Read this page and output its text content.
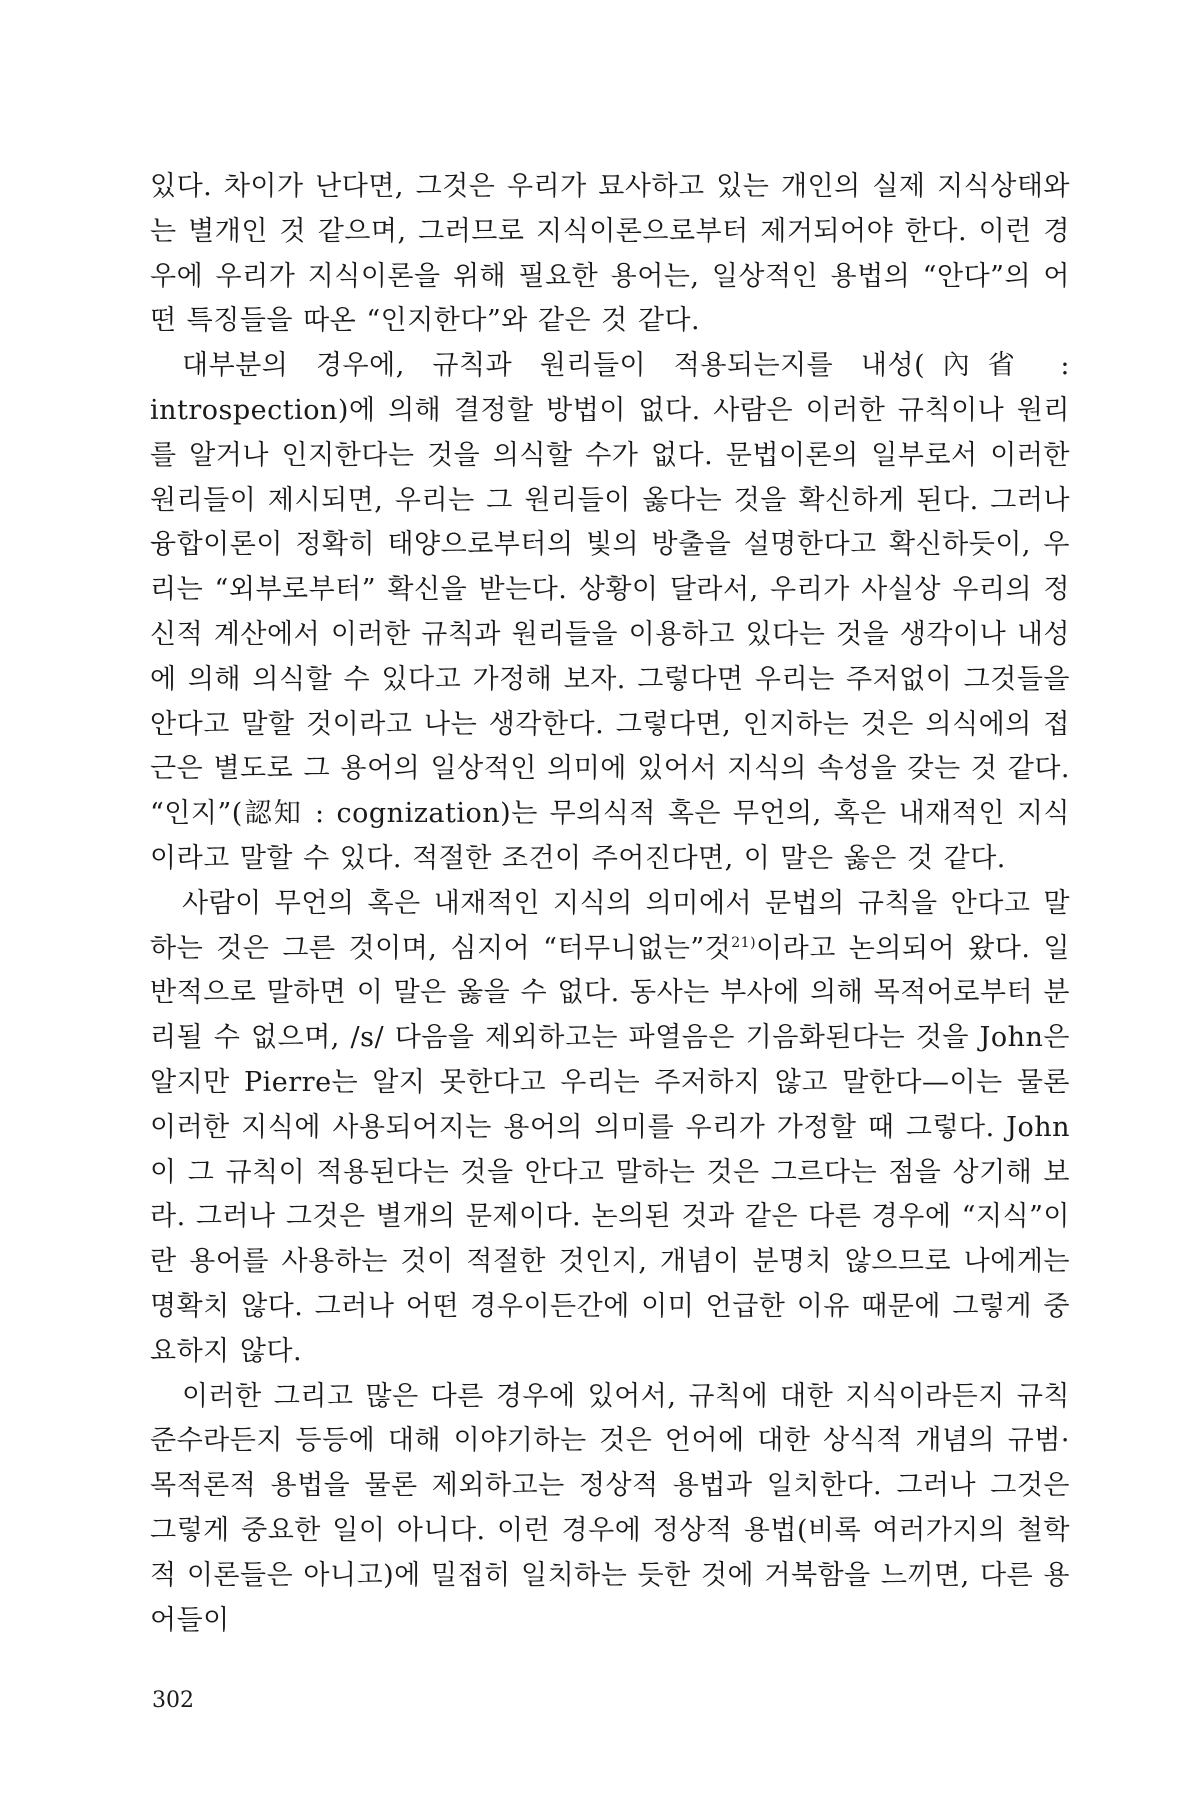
있다. 차이가 난다면, 그것은 우리가 묘사하고 있는 개인의 실제 지식상태와는 별개인 것 같으며, 그러므로 지식이론으로부터 제거되어야 한다. 이런 경우에 우리가 지식이론을 위해 필요한 용어는, 일상적인 용법의 “안다”의 어떤 특징들을 따온 “인지한다”와 같은 것 같다.

대부분의 경우에, 규칙과 원리들이 적용되는지를 내성(內省 : introspection)에 의해 결정할 방법이 없다. 사람은 이러한 규칙이나 원리를 알거나 인지한다는 것을 의식할 수가 없다. 문법이론의 일부로서 이러한 원리들이 제시되면, 우리는 그 원리들이 옳다는 것을 확신하게 된다. 그러나 융합이론이 정확히 태양으로부터의 빛의 방출을 설명한다고 확신하듯이, 우리는 “외부로부터” 확신을 받는다. 상황이 달라서, 우리가 사실상 우리의 정신적 계산에서 이러한 규칙과 원리들을 이용하고 있다는 것을 생각이나 내성에 의해 의식할 수 있다고 가정해 보자. 그렇다면 우리는 주저없이 그것들을 안다고 말할 것이라고 나는 생각한다. 그렇다면, 인지하는 것은 의식에의 접근은 별도로 그 용어의 일상적인 의미에 있어서 지식의 속성을 갖는 것 같다. “인지”(認知 : cognization)는 무의식적 혹은 무언의, 혹은 내재적인 지식이라고 말할 수 있다. 적절한 조건이 주어진다면, 이 말은 옳은 것 같다.

사람이 무언의 혹은 내재적인 지식의 의미에서 문법의 규칙을 안다고 말하는 것은 그른 것이며, 심지어 “터무니없는”것$^{21)}$이라고 논의되어 왔다. 일반적으로 말하면 이 말은 옳을 수 없다. 동사는 부사에 의해 목적어로부터 분리될 수 없으며, /s/ 다음을 제외하고는 파열음은 기음화된다는 것을 John은 알지만 Pierre는 알지 못한다고 우리는 주저하지 않고 말한다—이는 물론 이러한 지식에 사용되어지는 용어의 의미를 우리가 가정할 때 그렇다. John이 그 규칙이 적용된다는 것을 안다고 말하는 것은 그르다는 점을 상기해 보라. 그러나 그것은 별개의 문제이다. 논의된 것과 같은 다른 경우에 “지식”이란 용어를 사용하는 것이 적절한 것인지, 개념이 분명치 않으므로 나에게는 명확치 않다. 그러나 어떤 경우이든간에 이미 언급한 이유 때문에 그렇게 중요하지 않다.

이러한 그리고 많은 다른 경우에 있어서, 규칙에 대한 지식이라든지 규칙 준수라든지 등등에 대해 이야기하는 것은 언어에 대한 상식적 개념의 규범·목적론적 용법을 물론 제외하고는 정상적 용법과 일치한다. 그러나 그것은 그렇게 중요한 일이 아니다. 이런 경우에 정상적 용법(비록 여러가지의 철학적 이론들은 아니고)에 밀접히 일치하는 듯한 것에 거북함을 느끼면, 다른 용어들이

302
